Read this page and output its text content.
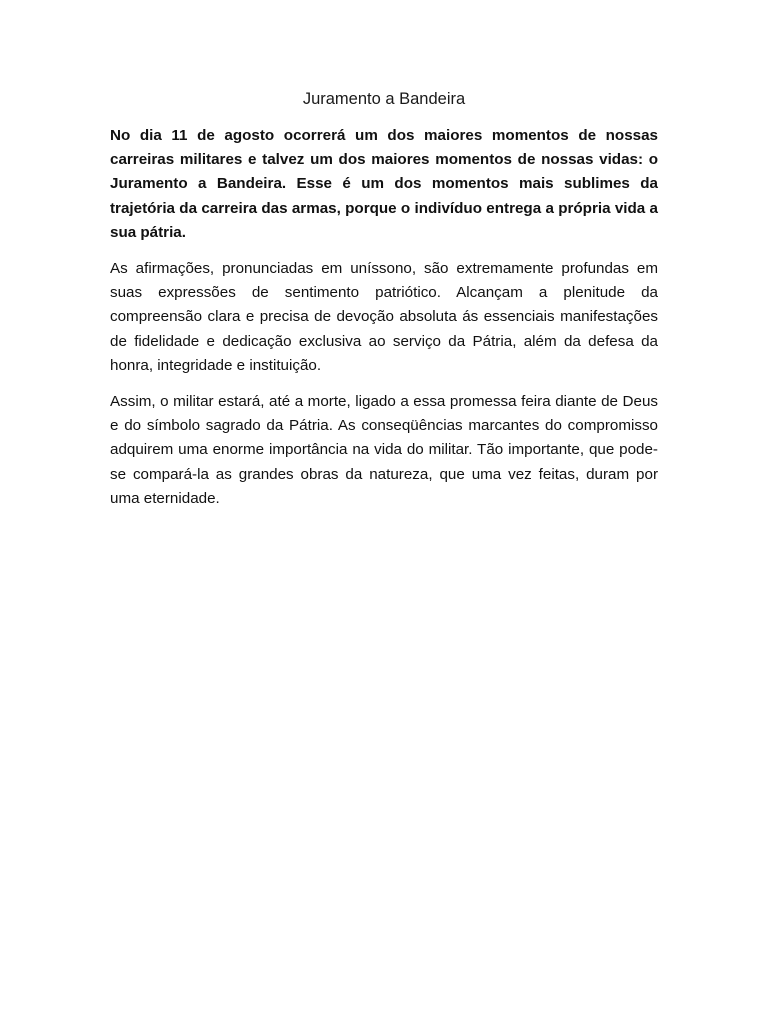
Juramento a Bandeira

No dia 11 de agosto ocorrerá um dos maiores momentos de nossas carreiras militares e talvez um dos maiores momentos de nossas vidas: o Juramento a Bandeira. Esse é um dos momentos mais sublimes da trajetória da carreira das armas, porque o indivíduo entrega a própria vida a sua pátria.

As afirmações, pronunciadas em uníssono, são extremamente profundas em suas expressões de sentimento patriótico. Alcançam a plenitude da compreensão clara e precisa de devoção absoluta ás essenciais manifestações de fidelidade e dedicação exclusiva ao serviço da Pátria, além da defesa da honra, integridade e instituição.

Assim, o militar estará, até a morte, ligado a essa promessa feira diante de Deus e do símbolo sagrado da Pátria. As conseqüências marcantes do compromisso adquirem uma enorme importância na vida do militar. Tão importante, que pode-se compará-la as grandes obras da natureza, que uma vez feitas, duram por uma eternidade.
